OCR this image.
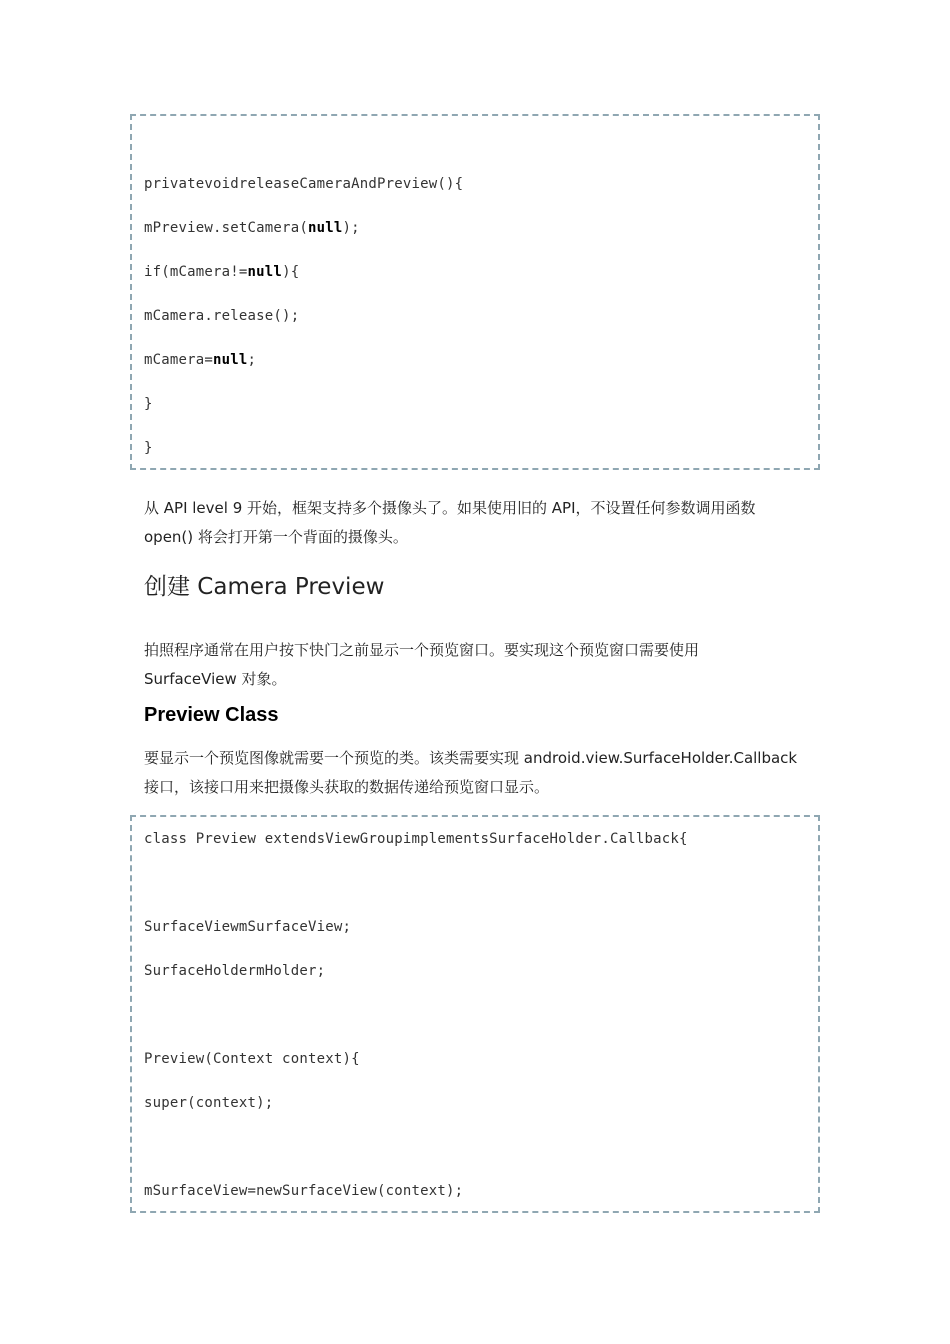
privatevoidreleaseCameraAndPreview(){
mPreview.setCamera(null);
if(mCamera!=null){
mCamera.release();
mCamera=null;
}
}
从 API level 9 开始，框架支持多个摄像头了。如果使用旧的 API，不设置任何参数调用函数
open() 将会打开第一个背面的摄像头。
创建 Camera Preview
拍照程序通常在用户按下快门之前显示一个预览窗口。要实现这个预览窗口需要使用
SurfaceView 对象。
Preview Class
要显示一个预览图像就需要一个预览的类。该类需要实现 android.view.SurfaceHolder.Callback
接口，该接口用来把摄像头获取的数据传递给预览窗口显示。
class Preview extendsViewGroupimplementsSurfaceHolder.Callback{
SurfaceViewmSurfaceView;
SurfaceHoldermHolder;
Preview(Context context){
super(context);
mSurfaceView=newSurfaceView(context);
